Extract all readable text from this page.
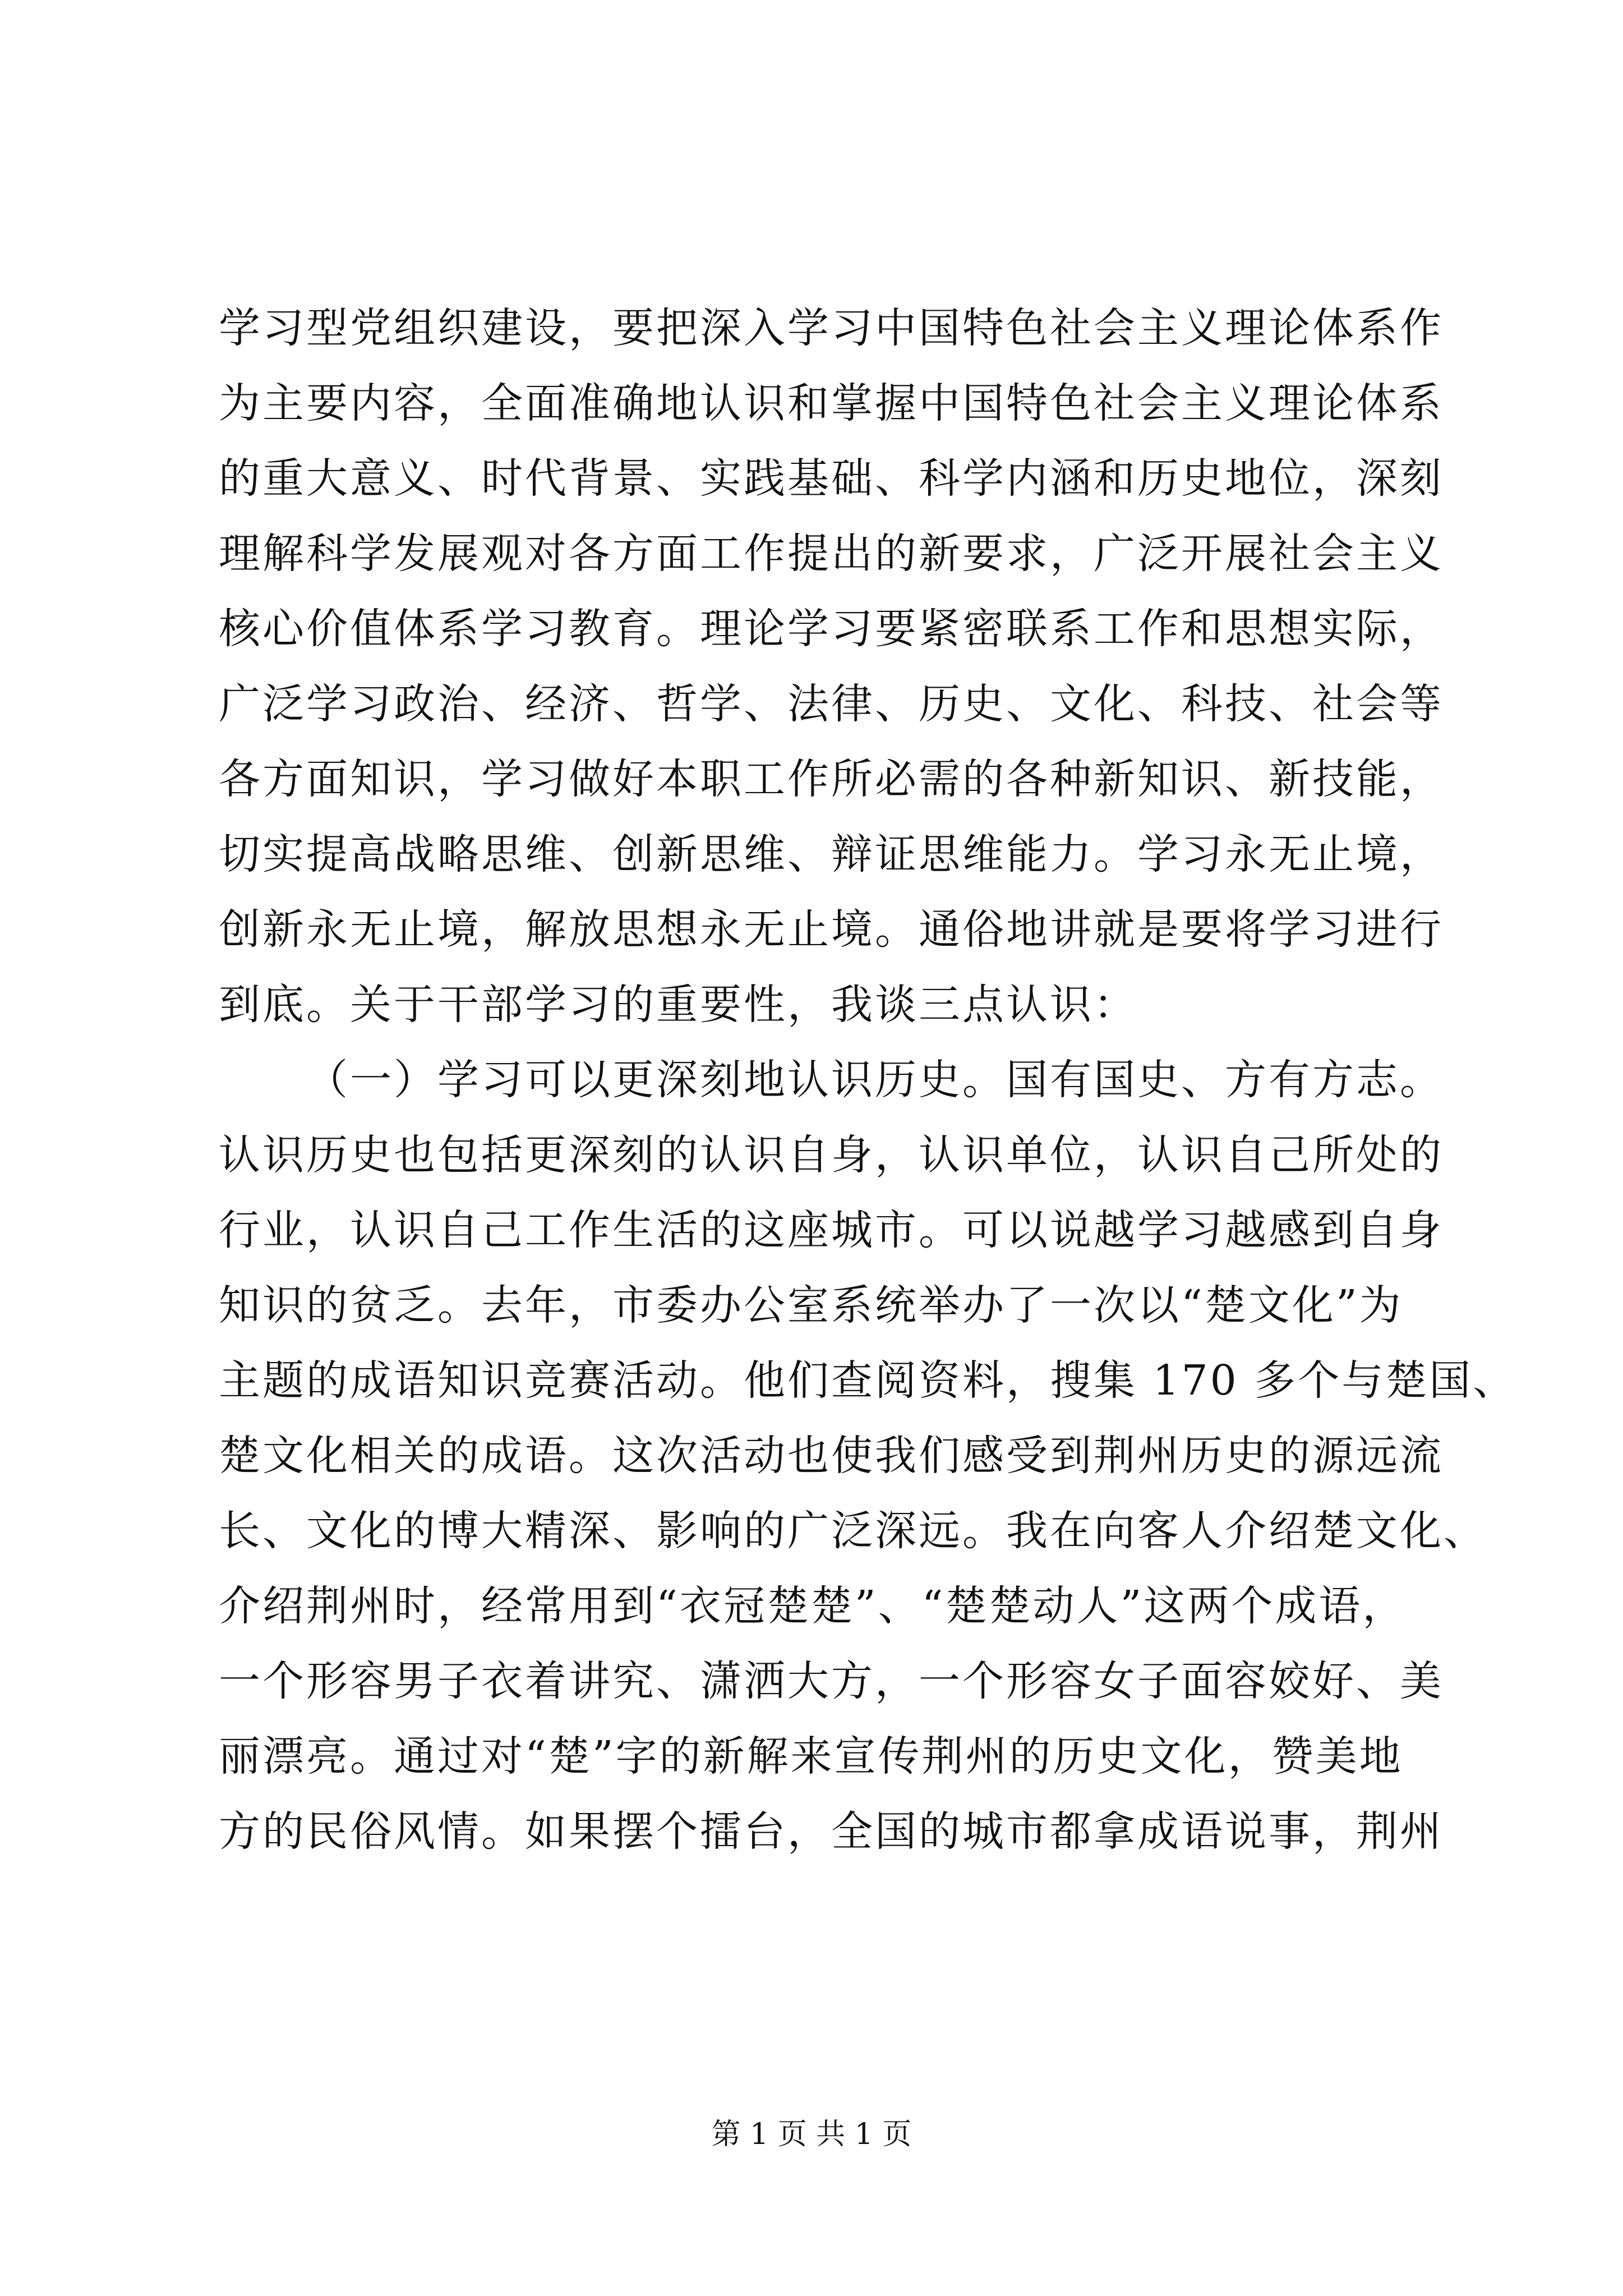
学习型党组织建设，要把深入学习中国特色社会主义理论体系作
为主要内容，全面准确地认识和掌握中国特色社会主义理论体系
的重大意义、时代背景、实践基础、科学内涵和历史地位，深刻
理解科学发展观对各方面工作提出的新要求，广泛开展社会主义
核心价值体系学习教育。理论学习要紧密联系工作和思想实际，
广泛学习政治、经济、哲学、法律、历史、文化、科技、社会等
各方面知识，学习做好本职工作所必需的各种新知识、新技能，
切实提高战略思维、创新思维、辩证思维能力。学习永无止境，
创新永无止境，解放思想永无止境。通俗地讲就是要将学习进行
到底。关于干部学习的重要性，我谈三点认识：
（一）学习可以更深刻地认识历史。国有国史、方有方志。
认识历史也包括更深刻的认识自身，认识单位，认识自己所处的
行业，认识自己工作生活的这座城市。可以说越学习越感到自身
知识的贫乏。去年，市委办公室系统举办了一次以“楚文化”为
主题的成语知识竞赛活动。他们查阅资料，搜集 170 多个与楚国、
楚文化相关的成语。这次活动也使我们感受到荆州历史的源远流
长、文化的博大精深、影响的广泛深远。我在向客人介绍楚文化、
介绍荆州时，经常用到“衣冠楚楚”、“楚楚动人”这两个成语，
一个形容男子衣着讲究、潇洒大方，一个形容女子面容姣好、美
丽漂亮。通过对“楚”字的新解来宣传荆州的历史文化，赞美地
方的民俗风情。如果摆个擂台，全国的城市都拿成语说事，荆州
第 1 页 共 1 页
